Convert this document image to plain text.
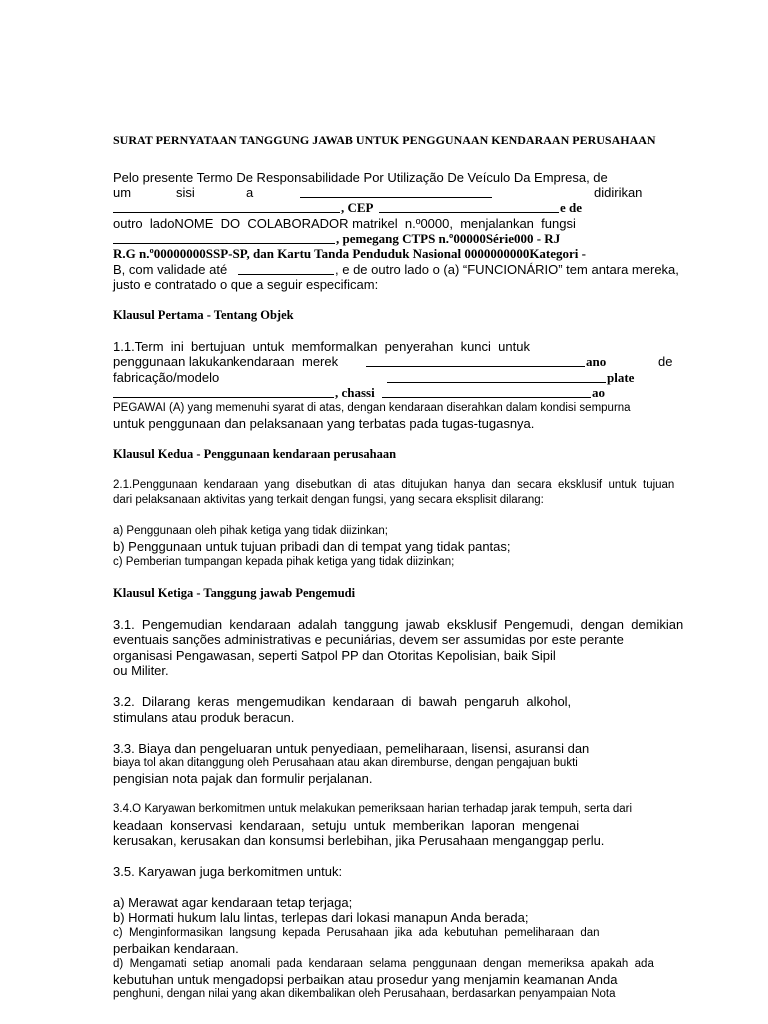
SURAT PERNYATAAN TANGGUNG JAWAB UNTUK PENGGUNAAN KENDARAAN PERUSAHAAN
Pelo presente Termo De Responsabilidade Por Utilização De Veículo Da Empresa, de
um	sisi	a	didirikan
, CEP	e de
outro  ladoNOME  DO  COLABORADOR matrikel  n.º0000,  menjalankan  fungsi
, pemegang CTPS n.º00000Série000 - RJ
R.G n.º00000000SSP-SP, dan Kartu Tanda Penduduk Nasional 0000000000Kategori -
B, com validade até	, e de outro lado o (a) “FUNCIONÁRIO” tem antara mereka,
justo e contratado o que a seguir especificam:
Klausul Pertama - Tentang Objek
1.1.Term  ini  bertujuan  untuk  memformalkan  penyerahan  kunci  untuk
penggunaan lakukan kendaraan merek	ano	de
fabricação/modelo	plate
, chassi	ao
PEGAWAI (A) yang memenuhi syarat di atas, dengan kendaraan diserahkan dalam kondisi sempurna
untuk penggunaan dan pelaksanaan yang terbatas pada tugas-tugasnya.
Klausul Kedua - Penggunaan kendaraan perusahaan
2.1.Penggunaan  kendaraan  yang  disebutkan  di  atas  ditujukan  hanya  dan  secara  eksklusif  untuk  tujuan
dari pelaksanaan aktivitas yang terkait dengan fungsi, yang secara eksplisit dilarang:
a) Penggunaan oleh pihak ketiga yang tidak diizinkan;
b) Penggunaan untuk tujuan pribadi dan di tempat yang tidak pantas;
c) Pemberian tumpangan kepada pihak ketiga yang tidak diizinkan;
Klausul Ketiga - Tanggung jawab Pengemudi
3.1.  Pengemudian  kendaraan  adalah  tanggung  jawab  eksklusif  Pengemudi,  dengan  demikian
eventuais sanções administrativas e pecuniárias, devem ser assumidas por este perante
organisasi Pengawasan, seperti Satpol PP dan Otoritas Kepolisian, baik Sipil
ou Militer.
3.2.  Dilarang  keras  mengemudikan  kendaraan  di  bawah  pengaruh  alkohol,
stimulans atau produk beracun.
3.3. Biaya dan pengeluaran untuk penyediaan, pemeliharaan, lisensi, asuransi dan
biaya tol akan ditanggung oleh Perusahaan atau akan diremburse, dengan pengajuan bukti
pengisian nota pajak dan formulir perjalanan.
3.4.O Karyawan berkomitmen untuk melakukan pemeriksaan harian terhadap jarak tempuh, serta dari
keadaan  konservasi  kendaraan,  setuju  untuk  memberikan  laporan  mengenai
kerusakan, kerusakan dan konsumsi berlebihan, jika Perusahaan menganggap perlu.
3.5. Karyawan juga berkomitmen untuk:
a) Merawat agar kendaraan tetap terjaga;
b) Hormati hukum lalu lintas, terlepas dari lokasi manapun Anda berada;
c)  Menginformasikan  langsung  kepada  Perusahaan  jika  ada  kebutuhan  pemeliharaan  dan
perbaikan kendaraan.
d)  Mengamati  setiap  anomali  pada  kendaraan  selama  penggunaan  dengan  memeriksa  apakah  ada
kebutuhan untuk mengadopsi perbaikan atau prosedur yang menjamin keamanan Anda
penghuni, dengan nilai yang akan dikembalikan oleh Perusahaan, berdasarkan penyampaian Nota
